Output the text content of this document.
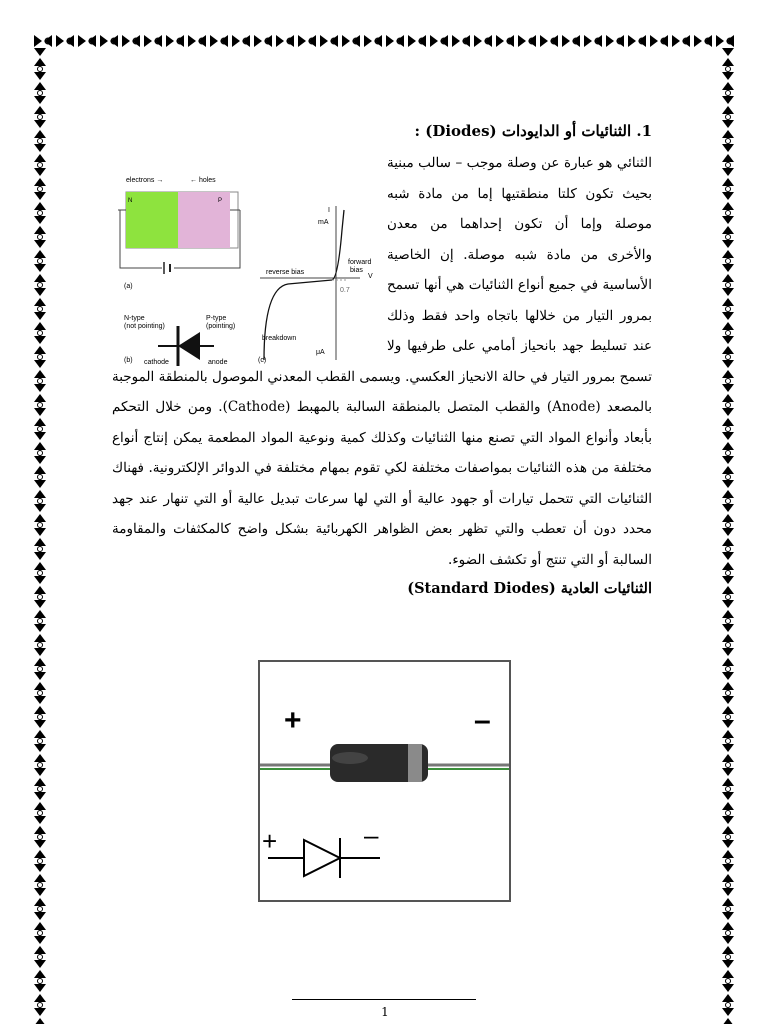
electrons →	← holes
N	P
(a)
(b)	(c)
N-type
(not pointing)
P-type
(pointing)
cathode	anode
mA
I
reverse bias
forward
bias
V
0.7
breakdown
μA

1. الثنائيات أو الدايودات (Diodes) :

الثنائي هو عبارة عن وصلة موجب – سالب مبنية بحيث تكون كلتا منطقتيها إما من مادة شبه موصلة وإما أن تكون إحداهما من معدن والأخرى من مادة شبه موصلة. إن الخاصية الأساسية في جميع أنواع الثنائيات هي أنها تسمح بمرور التيار من خلالها باتجاه واحد فقط وذلك عند تسليط جهد بانحياز أمامي على طرفيها ولا تسمح بمرور التيار في حالة الانحياز العكسي. ويسمى القطب المعدني الموصول بالمنطقة الموجبة بالمصعد (Anode) والقطب المتصل بالمنطقة السالبة بالمهبط (Cathode). ومن خلال التحكم بأبعاد وأنواع المواد التي تصنع منها الثنائيات وكذلك كمية ونوعية المواد المطعمة يمكن إنتاج أنواع مختلفة من هذه الثنائيات بمواصفات مختلفة لكي تقوم بمهام مختلفة في الدوائر الإلكترونية. فهناك الثنائيات التي تتحمل تيارات أو جهود عالية أو التي لها سرعات تبديل عالية أو التي تنهار عند جهد محدد دون أن تعطب والتي تظهر بعض الظواهر الكهربائية بشكل واضح كالمكثفات والمقاومة السالبة أو التي تنتج أو تكشف الضوء.

الثنائيات العادية (Standard Diodes)

+	–
+	–
1
